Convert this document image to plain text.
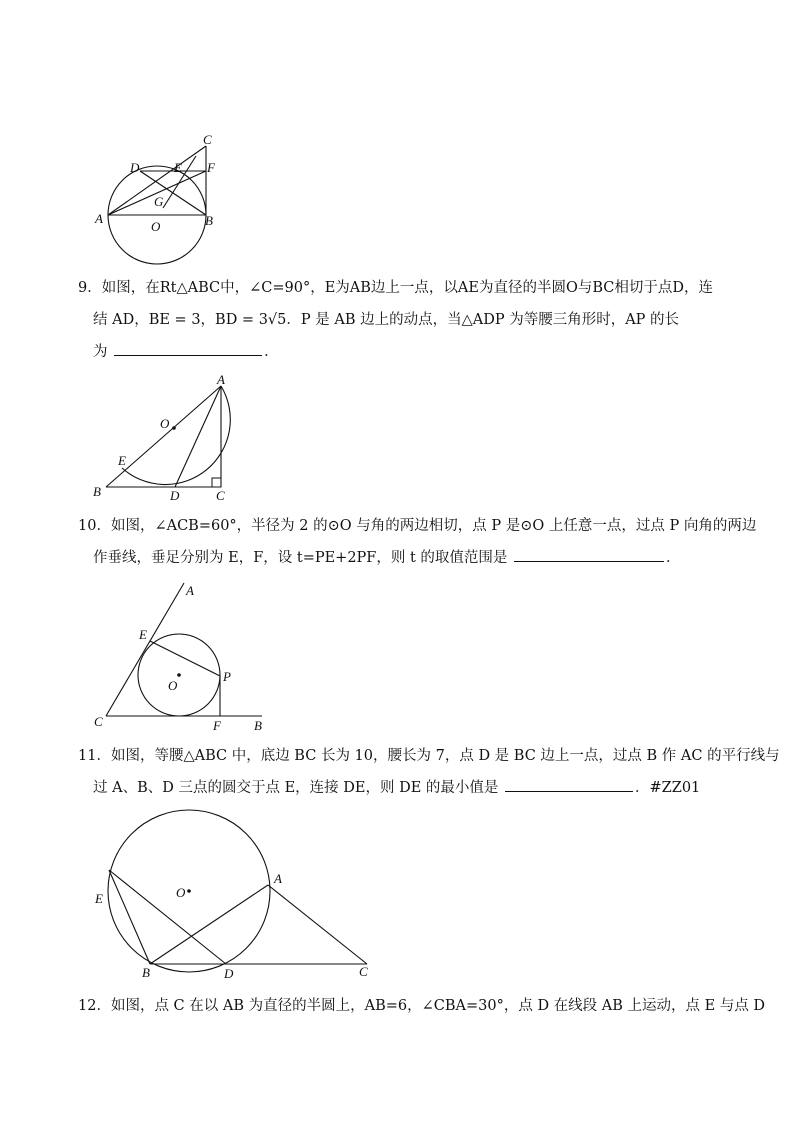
A	B
C
D	E F
G
O
9．如图，在Rt△ABC中，∠C=90°，E为AB边上一点，以AE为直径的半圆O与BC相切于点D，连
结 AD，BE = 3，BD = 3√5．P 是 AB 边上的动点，当△ADP 为等腰三角形时，AP 的长
为	．
A
B	C
D
E
O
10．如图，∠ACB=60°，半径为 2 的⊙O 与角的两边相切，点 P 是⊙O 上任意一点，过点 P 向角的两边
作垂线，垂足分别为 E，F，设 t=PE+2PF，则 t 的取值范围是	．
A
B
C
E
F
O
P
11．如图，等腰△ABC 中，底边 BC 长为 10，腰长为 7，点 D 是 BC 边上一点，过点 B 作 AC 的平行线与
过 A、B、D 三点的圆交于点 E，连接 DE，则 DE 的最小值是	．#ZZ01
A
B	C
D
E	O
12．如图，点 C 在以 AB 为直径的半圆上，AB=6，∠CBA=30°，点 D 在线段 AB 上运动，点 E 与点 D
